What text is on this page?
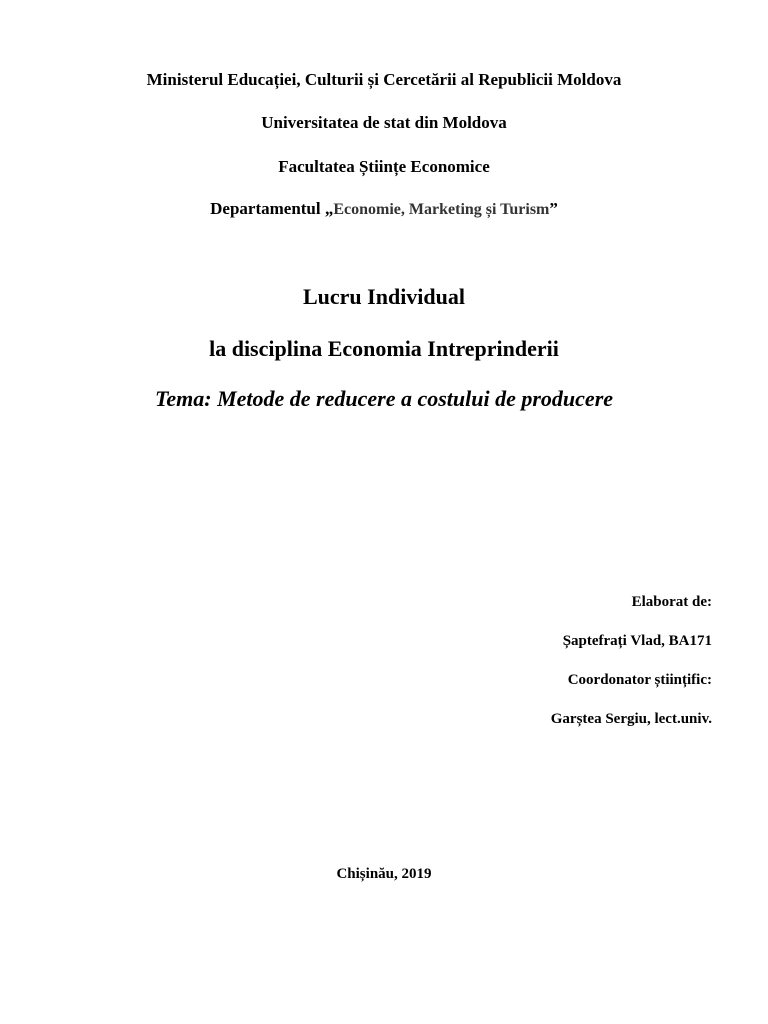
Ministerul Educației, Culturii și Cercetării al Republicii Moldova
Universitatea de stat din Moldova
Facultatea Științe Economice
Departamentul „Economie, Marketing și Turism”
Lucru Individual
la disciplina Economia Intreprinderii
Tema: Metode de reducere a costului de producere
Elaborat de:
Șaptefrați Vlad, BA171
Coordonator științific:
Garștea Sergiu, lect.univ.
Chișinău, 2019
